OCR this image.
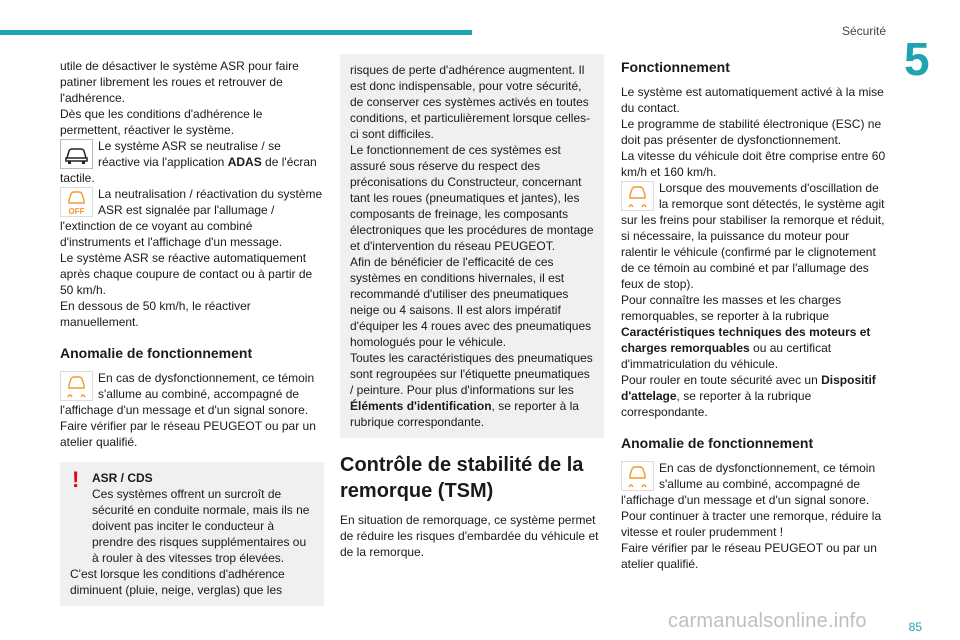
Sécurité
5

utile de désactiver le système ASR pour faire patiner librement les roues et retrouver de l'adhérence.

Dès que les conditions d'adhérence le permettent, réactiver le système.

Le système ASR se neutralise / se réactive via l'application ADAS de l'écran tactile.

OFF
La neutralisation / réactivation du système ASR est signalée par l'allumage / l'extinction de ce voyant au combiné d'instruments et l'affichage d'un message.

Le système ASR se réactive automatiquement après chaque coupure de contact ou à partir de 50 km/h.

En dessous de 50 km/h, le réactiver manuellement.

Anomalie de fonctionnement

En cas de dysfonctionnement, ce témoin s'allume au combiné, accompagné de l'affichage d'un message et d'un signal sonore.

Faire vérifier par le réseau PEUGEOT ou par un atelier qualifié.

!	ASR / CDS

Ces systèmes offrent un surcroît de sécurité en conduite normale, mais ils ne doivent pas inciter le conducteur à prendre des risques supplémentaires ou à rouler à des vitesses trop élevées.

C'est lorsque les conditions d'adhérence diminuent (pluie, neige, verglas) que les

risques de perte d'adhérence augmentent. Il est donc indispensable, pour votre sécurité, de conserver ces systèmes activés en toutes conditions, et particulièrement lorsque celles-ci sont difficiles.

Le fonctionnement de ces systèmes est assuré sous réserve du respect des préconisations du Constructeur, concernant tant les roues (pneumatiques et jantes), les composants de freinage, les composants électroniques que les procédures de montage et d'intervention du réseau PEUGEOT.

Afin de bénéficier de l'efficacité de ces systèmes en conditions hivernales, il est recommandé d'utiliser des pneumatiques neige ou 4 saisons. Il est alors impératif d'équiper les 4 roues avec des pneumatiques homologués pour le véhicule.

Toutes les caractéristiques des pneumatiques sont regroupées sur l'étiquette pneumatiques / peinture. Pour plus d'informations sur les Éléments d'identification, se reporter à la rubrique correspondante.

Contrôle de stabilité de la remorque (TSM)

En situation de remorquage, ce système permet de réduire les risques d'embardée du véhicule et de la remorque.

Fonctionnement

Le système est automatiquement activé à la mise du contact.

Le programme de stabilité électronique (ESC) ne doit pas présenter de dysfonctionnement.

La vitesse du véhicule doit être comprise entre 60 km/h et 160 km/h.

Lorsque des mouvements d'oscillation de la remorque sont détectés, le système agit sur les freins pour stabiliser la remorque et réduit, si nécessaire, la puissance du moteur pour ralentir le véhicule (confirmé par le clignotement de ce témoin au combiné et par l'allumage des feux de stop).

Pour connaître les masses et les charges remorquables, se reporter à la rubrique Caractéristiques techniques des moteurs et charges remorquables ou au certificat d'immatriculation du véhicule.

Pour rouler en toute sécurité avec un Dispositif d'attelage, se reporter à la rubrique correspondante.

Anomalie de fonctionnement

En cas de dysfonctionnement, ce témoin s'allume au combiné, accompagné de l'affichage d'un message et d'un signal sonore.

Pour continuer à tracter une remorque, réduire la vitesse et rouler prudemment !

Faire vérifier par le réseau PEUGEOT ou par un atelier qualifié.

carmanualsonline.info	85
